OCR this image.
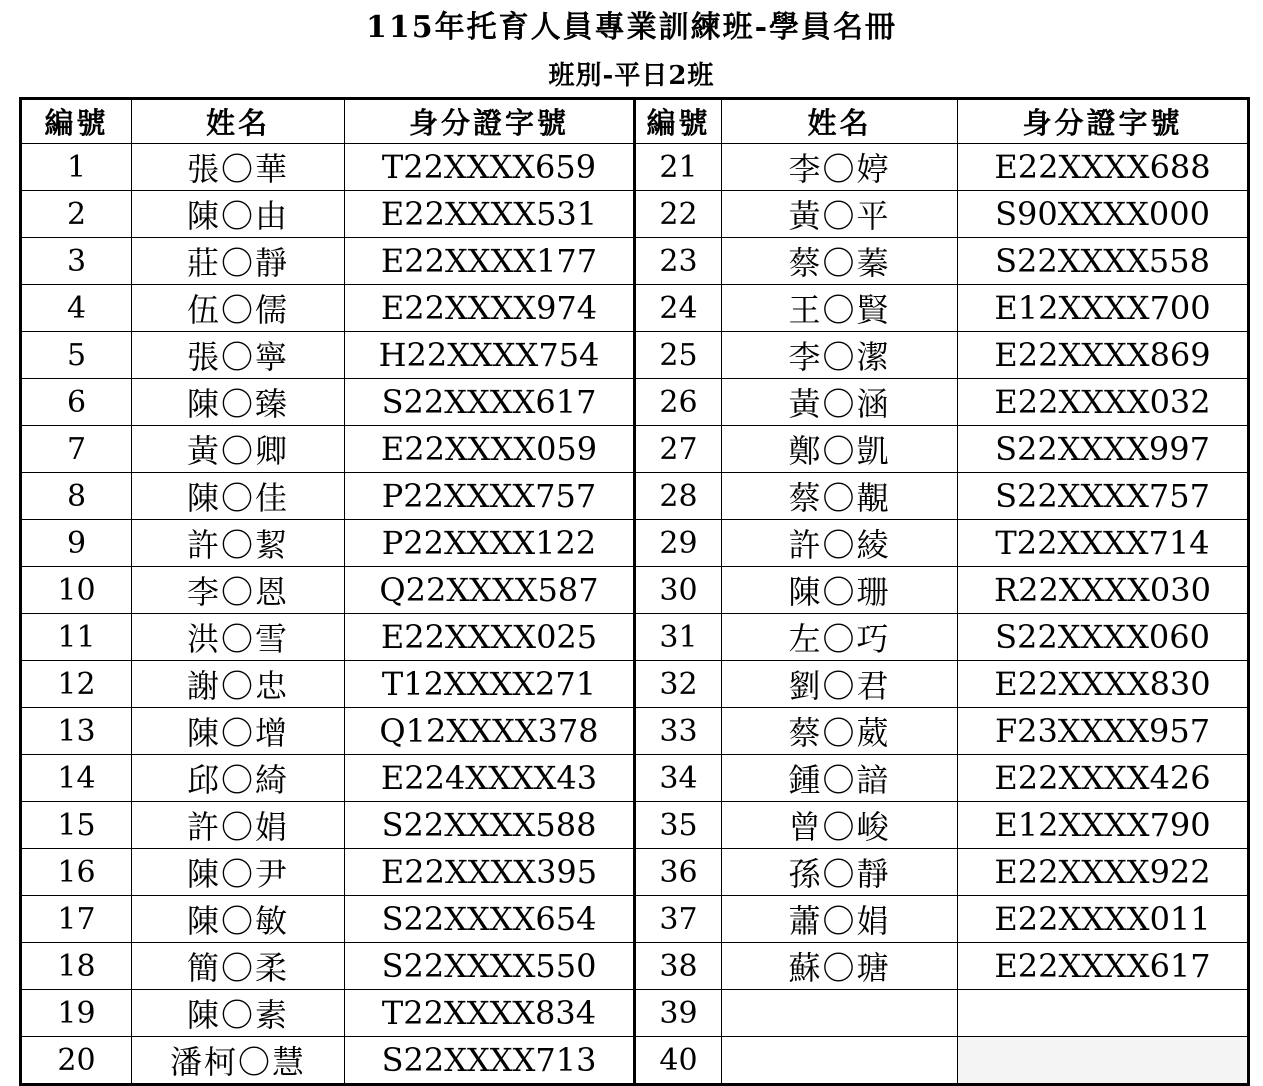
115年托育人員專業訓練班-學員名冊
班別-平日2班
編號	姓名	身分證字號	編號	姓名	身分證字號
1	張〇華	T22XXXX659	21	李〇婷	E22XXXX688
2	陳〇由	E22XXXX531	22	黃〇平	S90XXXX000
3	莊〇靜	E22XXXX177	23	蔡〇蓁	S22XXXX558
4	伍〇儒	E22XXXX974	24	王〇賢	E12XXXX700
5	張〇寧	H22XXXX754	25	李〇潔	E22XXXX869
6	陳〇臻	S22XXXX617	26	黃〇涵	E22XXXX032
7	黃〇卿	E22XXXX059	27	鄭〇凱	S22XXXX997
8	陳〇佳	P22XXXX757	28	蔡〇覯	S22XXXX757
9	許〇絜	P22XXXX122	29	許〇綾	T22XXXX714
10	李〇恩	Q22XXXX587	30	陳〇珊	R22XXXX030
11	洪〇雪	E22XXXX025	31	左〇巧	S22XXXX060
12	謝〇忠	T12XXXX271	32	劉〇君	E22XXXX830
13	陳〇增	Q12XXXX378	33	蔡〇葳	F23XXXX957
14	邱〇綺	E224XXXX43	34	鍾〇諳	E22XXXX426
15	許〇娟	S22XXXX588	35	曾〇峻	E12XXXX790
16	陳〇尹	E22XXXX395	36	孫〇靜	E22XXXX922
17	陳〇敏	S22XXXX654	37	蕭〇娟	E22XXXX011
18	簡〇柔	S22XXXX550	38	蘇〇瑭	E22XXXX617
19	陳〇素	T22XXXX834	39		
20	潘柯〇慧	S22XXXX713	40		
